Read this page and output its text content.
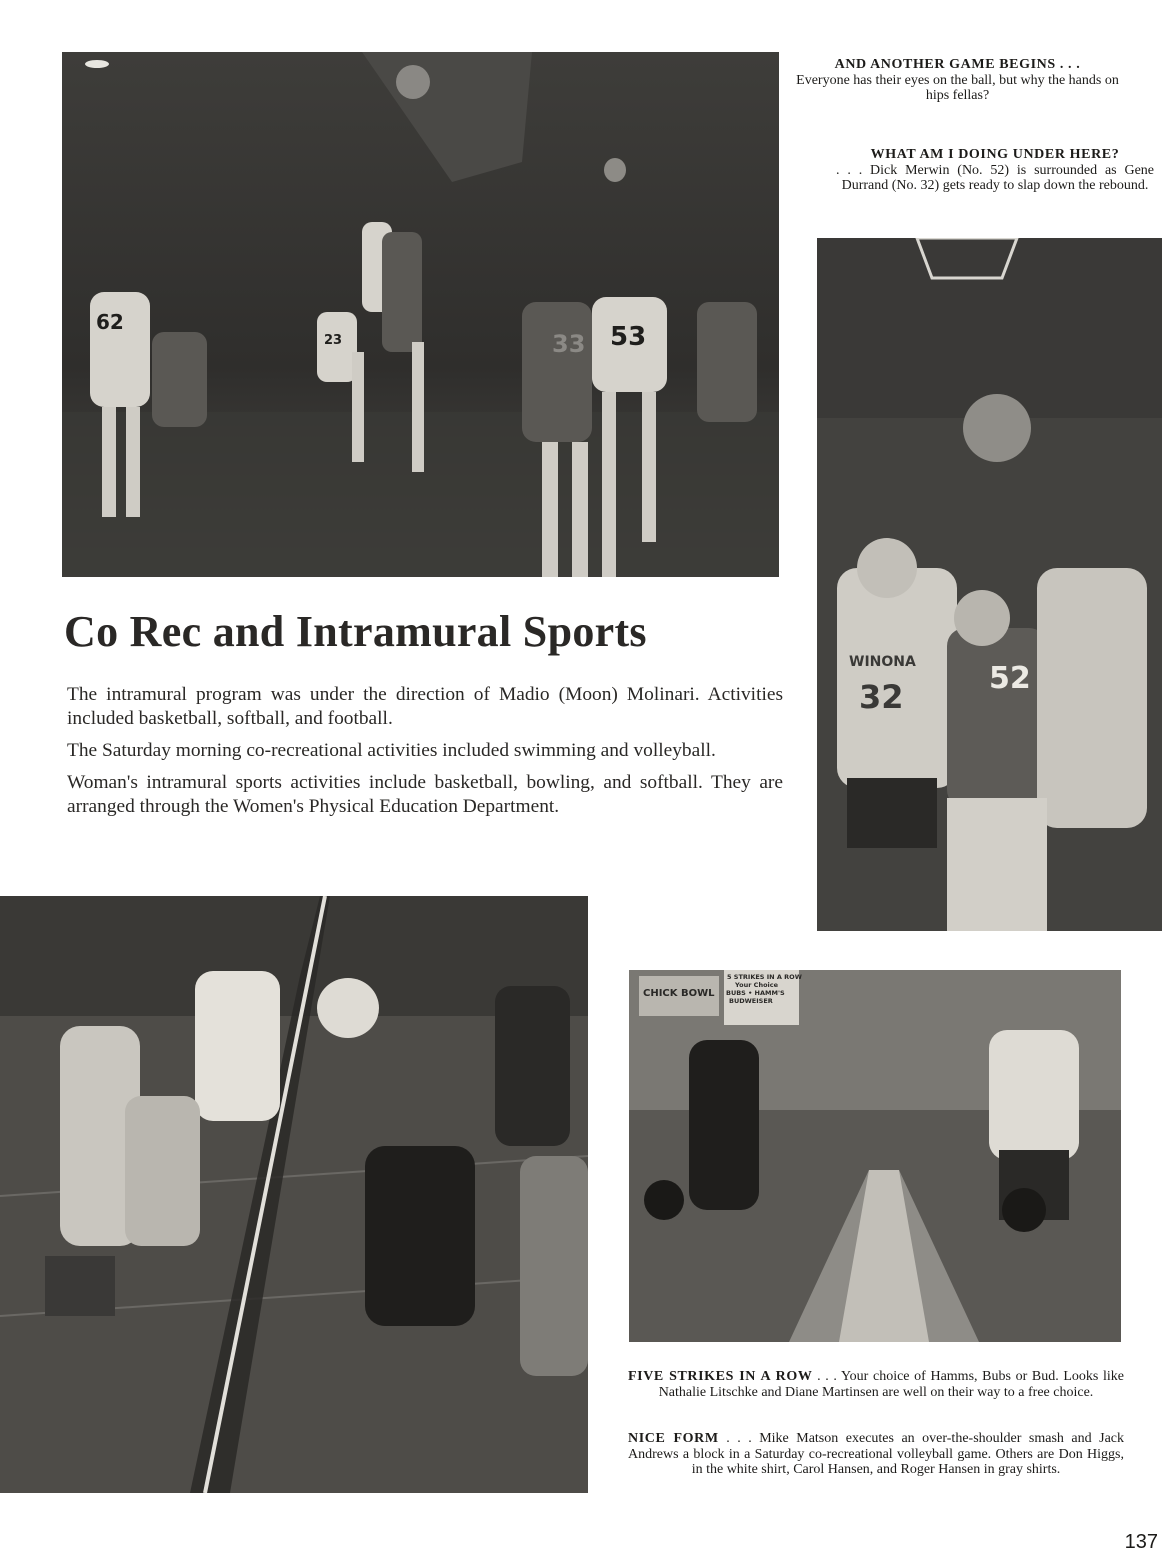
62
23	33 53

AND ANOTHER GAME BEGINS . . .
Everyone has their eyes on the ball, but why the hands on hips fellas?

WHAT AM I DOING UNDER HERE?
. . . Dick Merwin (No. 52) is surrounded as Gene Durrand (No. 32) gets ready to slap down the rebound.

WINONA
32	52
Co Rec and Intramural Sports

The intramural program was under the direction of Madio (Moon) Molinari. Activities included basketball, softball, and football.

The Saturday morning co-recreational activities included swimming and volleyball.

Woman's intramural sports activities include basketball, bowling, and softball. They are arranged through the Women's Physical Education Department.

5 STRIKES IN A ROW
Your Choice
BUBS • HAMM'S
BUDWEISER
CHICK BOWL

FIVE STRIKES IN A ROW . . . Your choice of Hamms, Bubs or Bud. Looks like Nathalie Litschke and Diane Martinsen are well on their way to a free choice.

NICE FORM . . . Mike Matson executes an over-the-shoulder smash and Jack Andrews a block in a Saturday co-recreational volleyball game. Others are Don Higgs, in the white shirt, Carol Hansen, and Roger Hansen in gray shirts.

137
